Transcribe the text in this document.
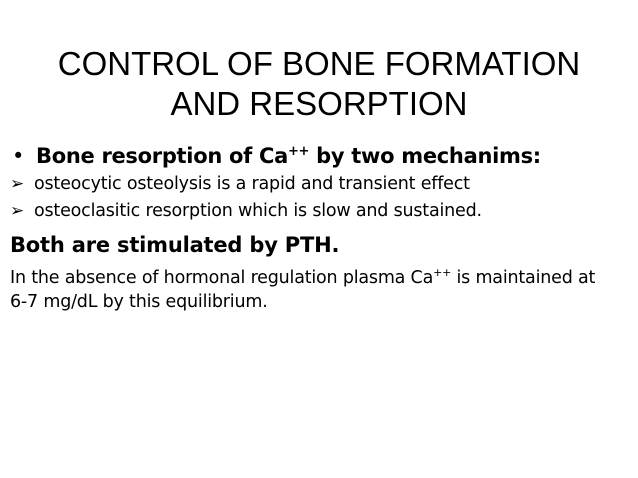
CONTROL OF BONE FORMATION
AND RESORPTION
• Bone resorption of Ca++ by two mechanims:
➢ osteocytic osteolysis is a rapid and transient effect
➢ osteoclasitic resorption which is slow and sustained.
Both are stimulated by PTH.
In the absence of hormonal regulation plasma Ca++ is maintained at 6-7 mg/dL by this equilibrium.
